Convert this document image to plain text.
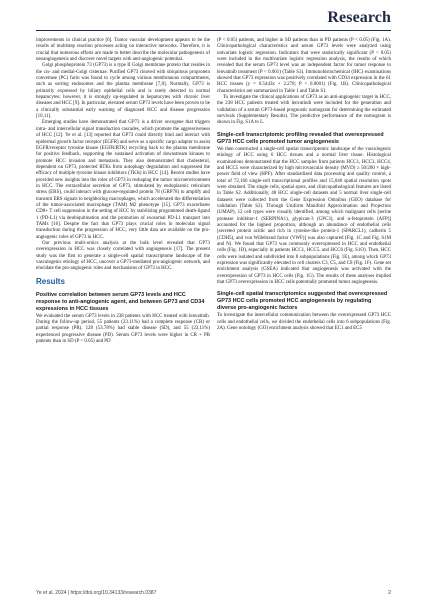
Research

improvements in clinical practice [6]. Tumor vascular development appears to be the results of multistep reaction processes acting on interactive networks. Therefore, it is crucial that numerous efforts are made to better describe the molecular pathogenesis of neoangiogenesis and discover novel targets with anti-angiogenic potential.

Golgi phosphoprotein 73 (GP73) is a type II Golgi membrane protein that resides in the cis- and medial-Golgi cisternae. Purified GP73 cleaved with ubiquitous proprotein convertase (PC) furin was found to cycle among various membranous compartments, such as sorting endosomes and the plasma membrane [7,8]. Normally, GP73 is primarily expressed by biliary epithelial cells and is rarely detected in normal hepatocytes; however, it is strongly up-regulated in hepatocytes with chronic liver diseases and HCC [9]. In particular, elevated serum GP73 levels have been proven to be a clinically substantial early warning of diagnosed HCC and disease progression [10,11].

Emerging studies have demonstrated that GP73 is a driver oncogene that triggers intra- and intercellular signal transduction cascades, which promote the aggressiveness of HCC [12]. Ye et al. [13] reported that GP73 could directly bind and interact with epidermal growth factor receptor (EGFR) and serve as a specific cargo adaptor to assist EGFR/receptor tyrosine kinase (EGFR/RTK) recycling back to the plasma membrane for positive feedback, supporting the sustained activation of downstream kinases to promote HCC invasion and metastasis. They also demonstrated that cholesterol, dependent on GP73, protected RTKs from autophagy degradation and suppressed the efficacy of multiple tyrosine kinase inhibitors (TKIs) in HCC [14]. Recent studies have provided new insights into the roles of GP73 in reshaping the tumor microenvironment in HCC. The extracellular secretion of GP73, stimulated by endoplasmic reticulum stress (ERS), could interact with glucose-regulated protein 78 (GRP78) to amplify and transmit ERS signals to neighboring macrophages, which accelerated the differentiation of the tumor-associated macrophage (TAM) M2 phenotype [15]. GP73 exacerbates CD8+ T cell suppression in the setting of HCC by stabilizing programmed death-ligand 1 (PD-L1) via deubiquitination and the promotion of exosomal PD-L1 transport into TAMs [16]. Despite the fact that GP73 plays crucial roles in molecular signal transduction during the progression of HCC, very little data are available on the pro-angiogenic roles of GP73 in HCC.

Our previous multi-omics analysis at the bulk level revealed that GP73 overexpression in HCC was closely correlated with angiogenesis [17]. The present study was the first to generate a single-cell spatial transcriptome landscape of the vasculogenic etiology of HCC, uncover a GP73-mediated pro-angiogenic network, and elucidate the pro-angiogenic roles and mechanisms of GP73 in HCC.

Results
Positive correlation between serum GP73 levels and HCC response to anti-angiogenic agent, and between GP73 and CD34 expressions in HCC tissues

We evaluated the serum GP73 levels in 238 patients with HCC treated with lenvatinib. During the follow-up period, 55 patients (23.11%) had a complete response (CR) or partial response (PR), 128 (53.78%) had stable disease (SD), and 55 (23.11%) experienced progressive disease (PD). Serum GP73 levels were higher in CR + PR patients than in SD (P < 0.05) and PD

(P < 0.05) patients, and higher in SD patients than in PD patients (P < 0.05) (Fig. 1A). Clinicopathological characteristics and serum GP73 levels were analyzed using univariate logistic regression. Indicators that were statistically significant (P < 0.05) were included in the multivariate logistic regression analysis, the results of which revealed that the serum GP73 level was an independent factor for tumor response to lenvatinib treatment (P < 0.001) (Table S3). Immunohistochemical (IHC) examinations showed that GP73 expression was positively correlated with CD34 expression in the 61 HCC tissues (y = 0.5443x + 2.278; P < 0.0001) (Fig. 1B). Clinicopathological characteristics are summarized in Table 1 and Table S1.

To investigate the clinical applications of GP73 as an anti-angiogenic target in HCC, the 238 HCC patients treated with lenvatinib were included for the generation and validation of a serum GP73-based prognostic nomogram for determining the estimated survivals (Supplementary Results). The predictive performance of the nomogram is shown in Fig. S1A to L.

Single-cell transcriptomic profiling revealed that overexpressed GP73 HCC cells promoted tumor angiogenesis

We then constructed a single-cell spatial transcriptomic landscape of the vasculogenic etiology of HCC using 6 HCC tissues and a normal liver tissue. Histological examinations demonstrated that the HCC samples from patients HCC1, HCC3, HCC4, and HCC5 were characterized by high microvascular density (MVD) ≥ 50/200 × high-power field of view (HPF). After standardized data processing and quality control, a total of 72,166 single-cell transcriptional profiles and 15,046 spatial resolution spots were obtained. The single cells, spatial spots, and clinicopathological features are listed in Table S2. Additionally, 48 HCC single-cell datasets and 5 normal liver single-cell datasets were collected from the Gene Expression Omnibus (GEO) database for validation (Table S2). Through Uniform Manifold Approximation and Projection (UMAP), 12 cell types were visually identified, among which malignant cells [serine protease inhibitor-1 (SERPINA1), glypican-3 (GPC3), and α-fetoprotein (AFP)] accounted for the highest proportion, although an abundance of endothelial cells [secreted protein acidic and rich in cysteine-like protein-1 (SPARCL1), cadherin 5 (CDH5), and von Willebrand factor (VWF)] was also captured (Fig. 1C and Fig. S1M and N). We found that GP73 was commonly overexpressed in HCC and endothelial cells (Fig. 1D), especially in patients HCC1, HCC5, and HCC6 (Fig. S1O). Then, HCC cells were isolated and subdivided into 8 subpopulations (Fig. 1E), among which GP73 expression was significantly elevated in cell clusters C3, C5, and C8 (Fig. 1F). Gene set enrichment analysis (GSEA) indicated that angiogenesis was activated with the overexpression of GP73 in HCC cells (Fig. 1G). The results of these analyses implied that GP73 overexpression in HCC cells potentially promoted tumor angiogenesis.

Single-cell spatial transcriptomics suggested that overexpressed GP73 HCC cells promoted HCC angiogenesis by regulating diverse pro-angiogenic factors

To investigate the intercellular communication between the overexpressed GP73 HCC cells and endothelial cells, we divided the endothelial cells into 6 subpopulations (Fig. 2A). Gene ontology (GO) enrichment analysis showed that EC1 and EC5

Ye et al. 2024 | https://doi.org/10.34133/research.0387	2
